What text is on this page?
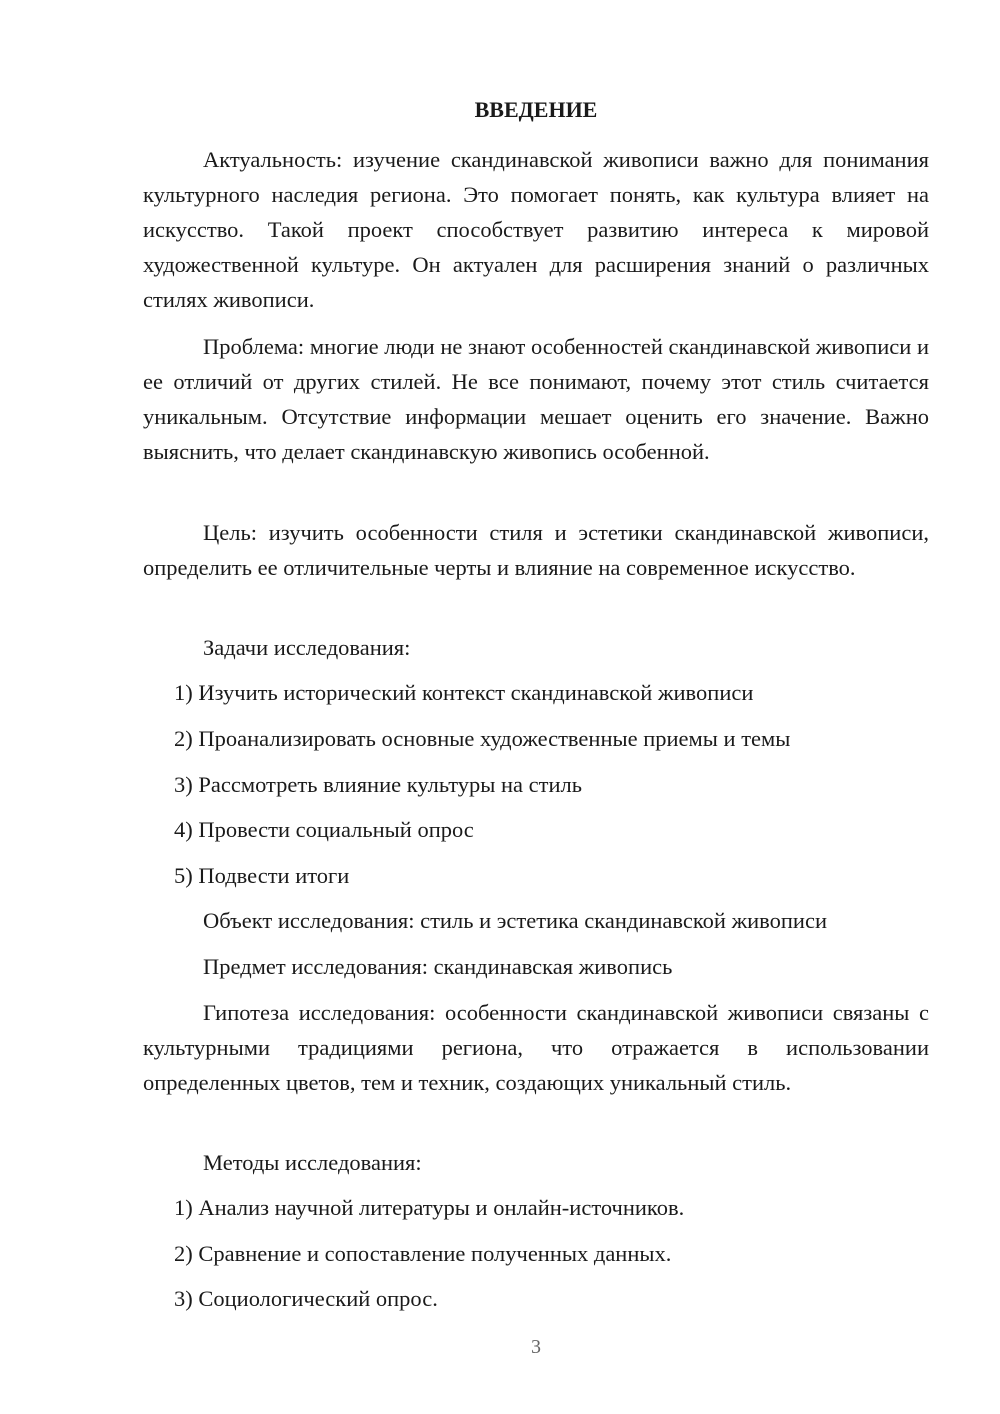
ВВЕДЕНИЕ

Актуальность: изучение скандинавской живописи важно для понимания культурного наследия региона. Это помогает понять, как культура влияет на искусство. Такой проект способствует развитию интереса к мировой художественной культуре. Он актуален для расширения знаний о различных стилях живописи.

Проблема: многие люди не знают особенностей скандинавской живописи и ее отличий от других стилей. Не все понимают, почему этот стиль считается уникальным. Отсутствие информации мешает оценить его значение. Важно выяснить, что делает скандинавскую живопись особенной.

Цель: изучить особенности стиля и эстетики скандинавской живописи, определить ее отличительные черты и влияние на современное искусство.

Задачи исследования:

1) Изучить исторический контекст скандинавской живописи

2) Проанализировать основные художественные приемы и темы

3) Рассмотреть влияние культуры на стиль

4) Провести социальный опрос

5) Подвести итоги

Объект исследования: стиль и эстетика скандинавской живописи

Предмет исследования: скандинавская живопись

Гипотеза исследования: особенности скандинавской живописи связаны с культурными традициями региона, что отражается в использовании определенных цветов, тем и техник, создающих уникальный стиль.

Методы исследования:

1) Анализ научной литературы и онлайн-источников.

2) Сравнение и сопоставление полученных данных.

3) Социологический опрос.

3
